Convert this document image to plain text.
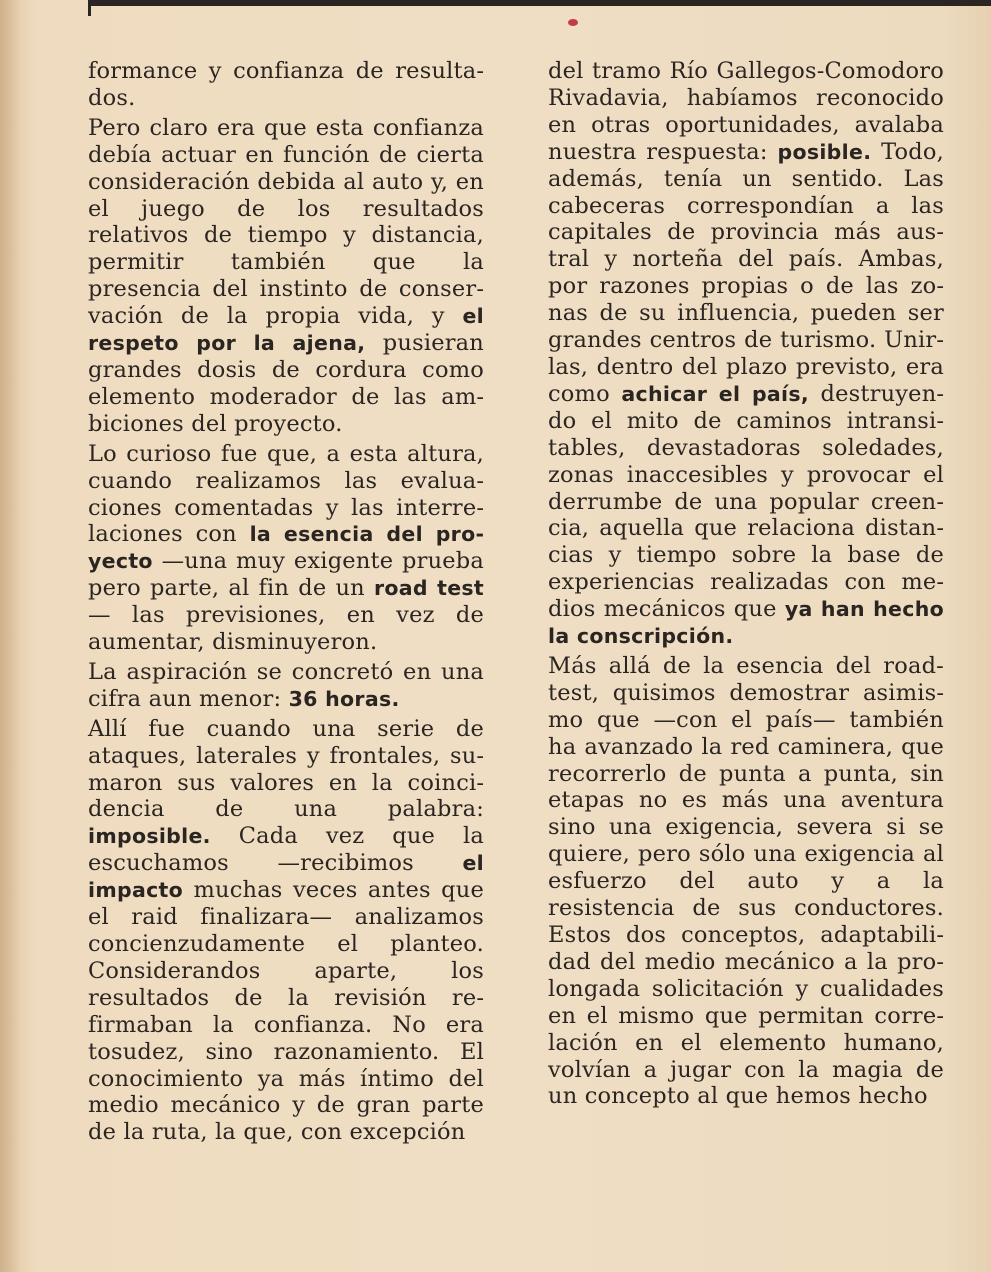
formance y confianza de resultados.

Pero claro era que esta confianza debía actuar en función de cierta consideración debida al auto y, en el juego de los resultados relativos de tiempo y distancia, permitir también que la presencia del instinto de conservación de la propia vida, y el respeto por la ajena, pusieran grandes dosis de cordura como elemento moderador de las ambiciones del proyecto.

Lo curioso fue que, a esta altura, cuando realizamos las evaluaciones comentadas y las interrelaciones con la esencia del proyecto —una muy exigente prueba pero parte, al fin de un road test— las previsiones, en vez de aumentar, disminuyeron.

La aspiración se concretó en una cifra aun menor: 36 horas.

Allí fue cuando una serie de ataques, laterales y frontales, sumaron sus valores en la coincidencia de una palabra: imposible. Cada vez que la escuchamos —recibimos el impacto muchas veces antes que el raid finalizara— analizamos concienzudamente el planteo. Considerandos aparte, los resultados de la revisión refirmaban la confianza. No era tosudez, sino razonamiento. El conocimiento ya más íntimo del medio mecánico y de gran parte de la ruta, la que, con excepción

del tramo Río Gallegos-Comodoro Rivadavia, habíamos reconocido en otras oportunidades, avalaba nuestra respuesta: posible. Todo, además, tenía un sentido. Las cabeceras correspondían a las capitales de provincia más austral y norteña del país. Ambas, por razones propias o de las zonas de su influencia, pueden ser grandes centros de turismo. Unirlas, dentro del plazo previsto, era como achicar el país, destruyendo el mito de caminos intransitables, devastadoras soledades, zonas inaccesibles y provocar el derrumbe de una popular creencia, aquella que relaciona distancias y tiempo sobre la base de experiencias realizadas con medios mecánicos que ya han hecho la conscripción.

Más allá de la esencia del road-test, quisimos demostrar asimismo que —con el país— también ha avanzado la red caminera, que recorrerlo de punta a punta, sin etapas no es más una aventura sino una exigencia, severa si se quiere, pero sólo una exigencia al esfuerzo del auto y a la resistencia de sus conductores. Estos dos conceptos, adaptabilidad del medio mecánico a la prolongada solicitación y cualidades en el mismo que permitan correlación en el elemento humano, volvían a jugar con la magia de un concepto al que hemos hecho
